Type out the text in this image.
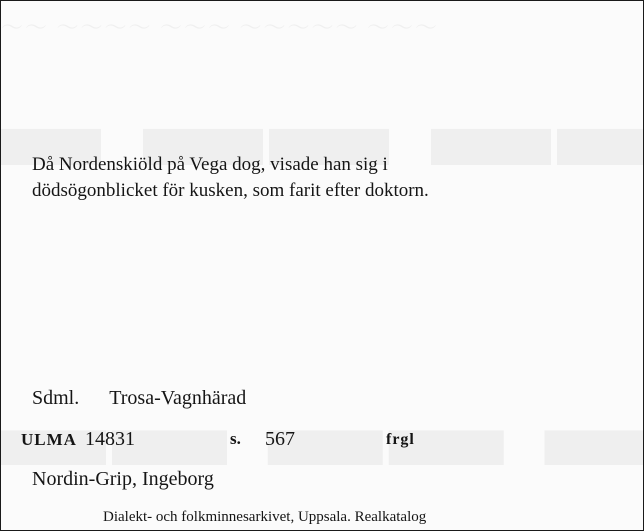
Då Nordenskiöld på Vega dog, visade han sig i
dödsögonblicket för kusken, som farit efter doktorn.
Sdml. Trosa-Vagnhärad
ULMA 14831	s. 567	frgl
Nordin-Grip, Ingeborg
Dialekt- och folkminnesarkivet, Uppsala. Realkatalog
